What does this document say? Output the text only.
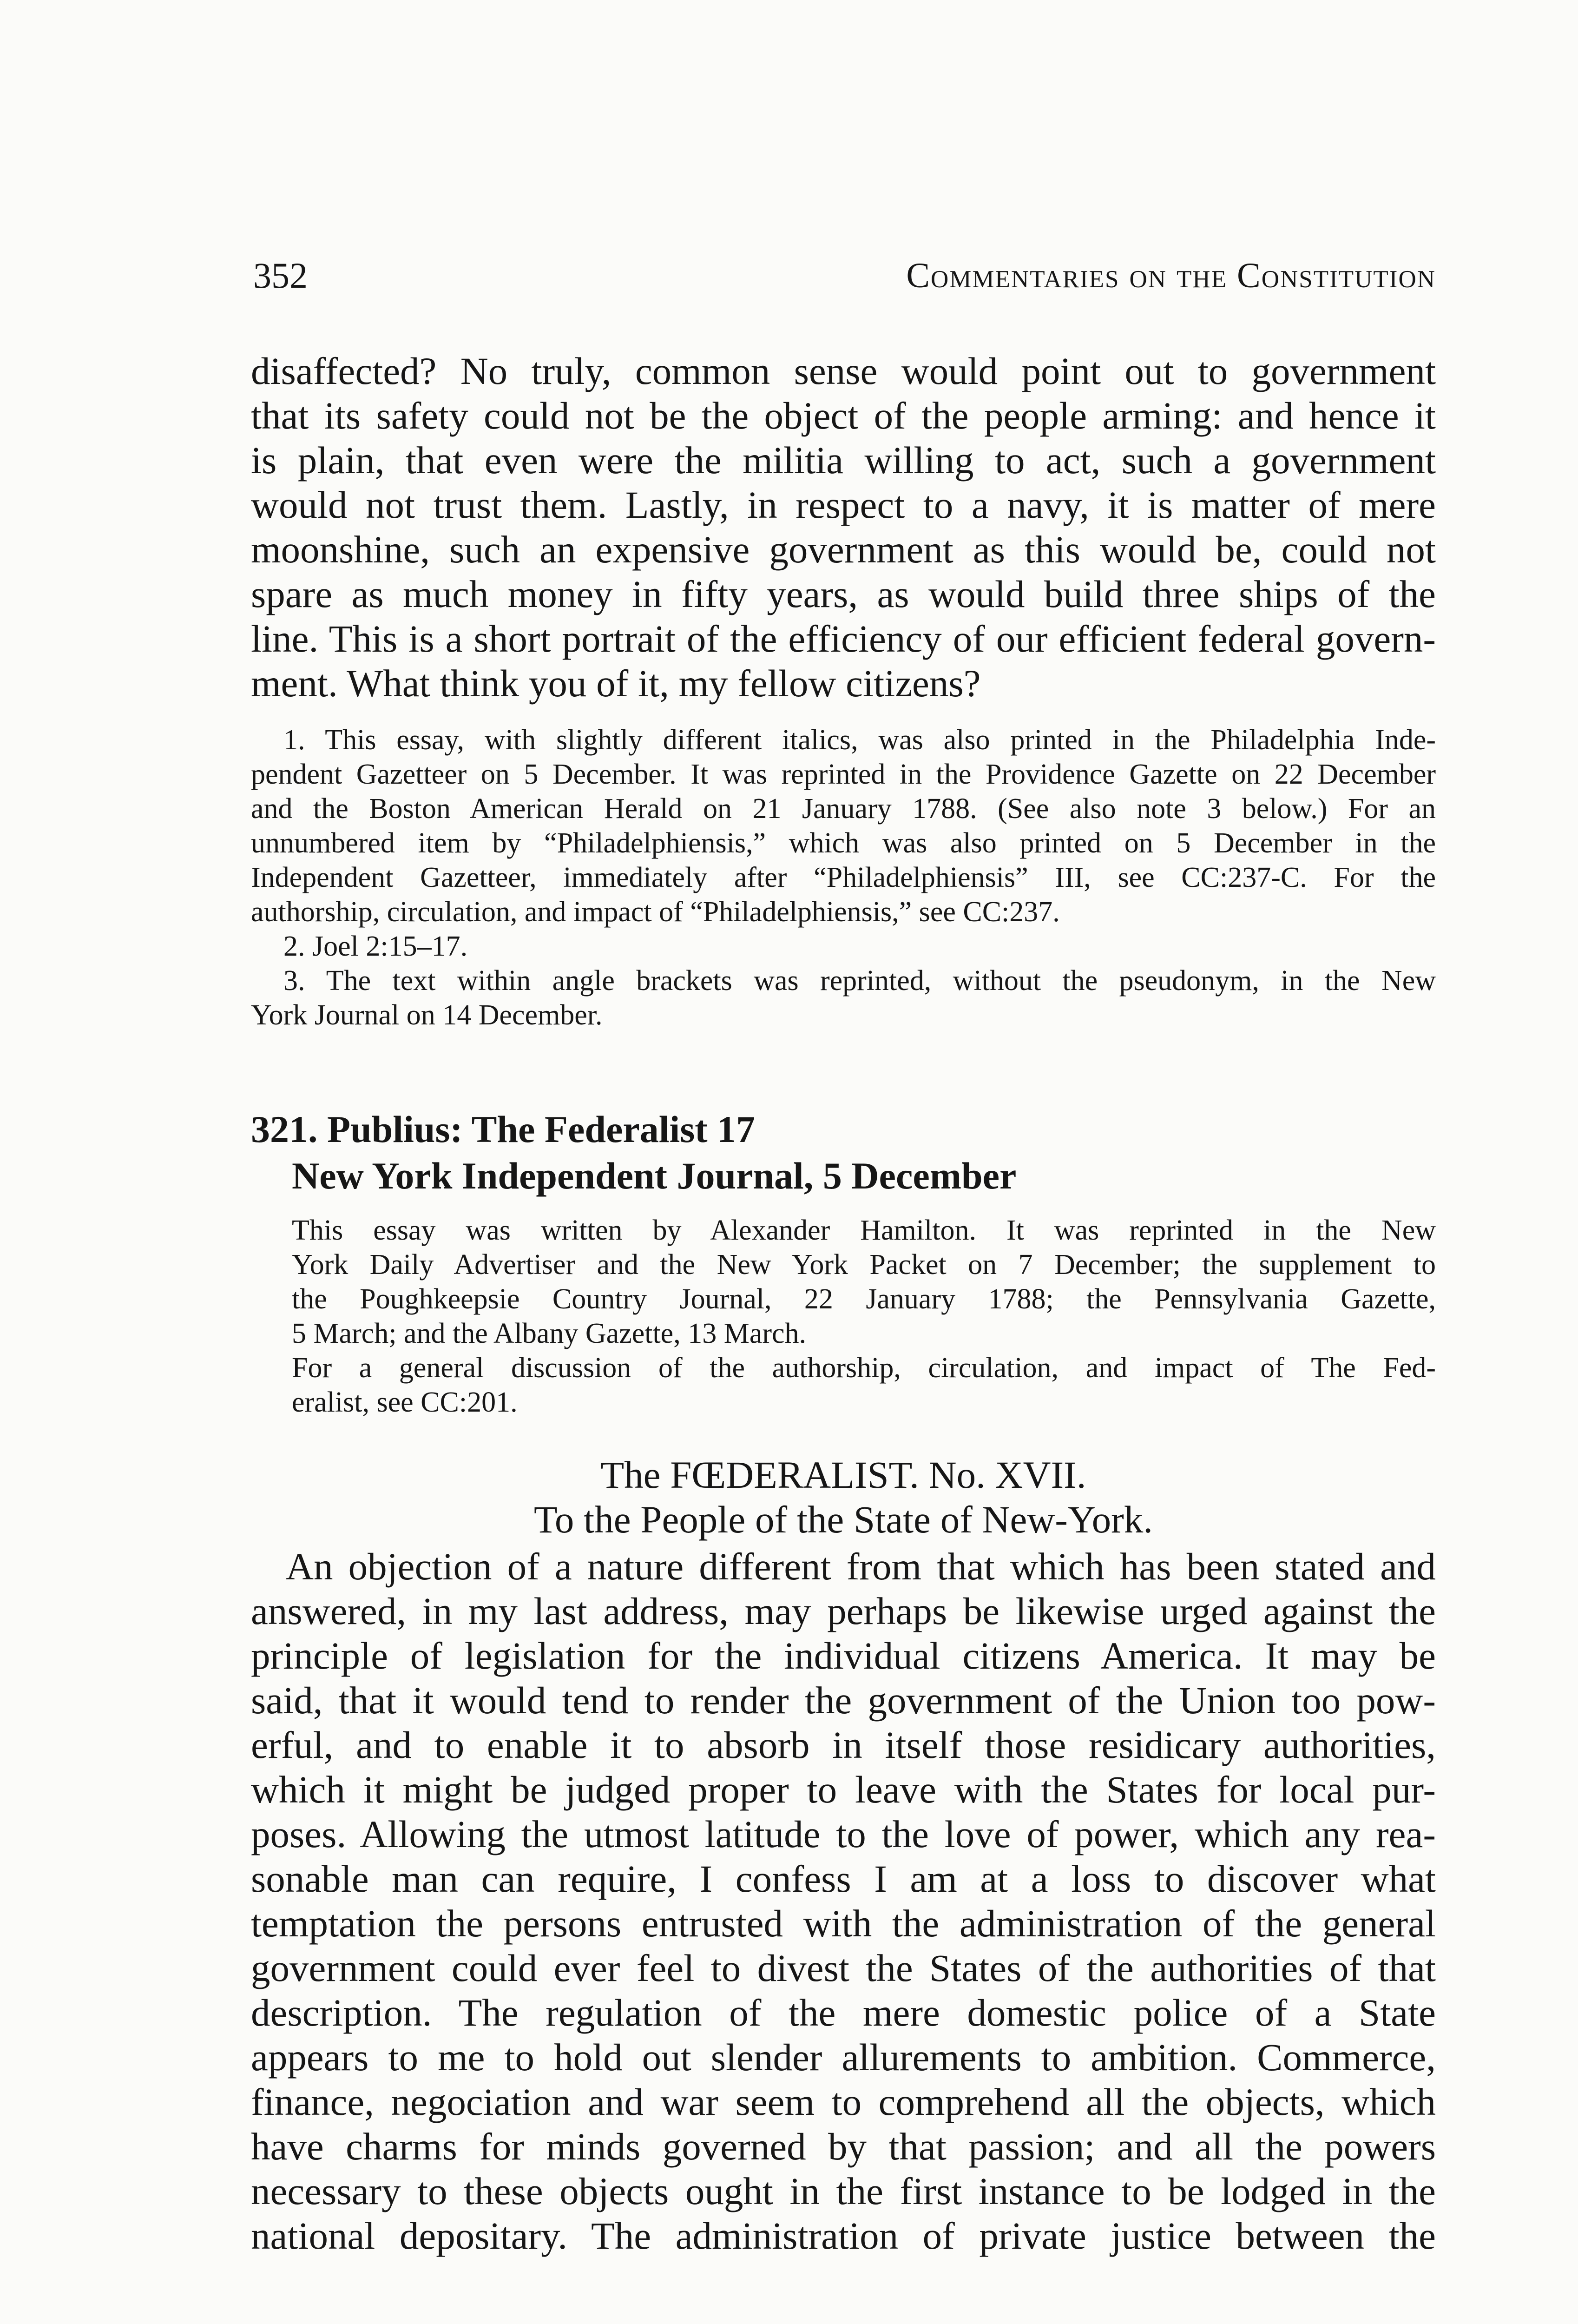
352	Commentaries on the Constitution

disaffected? No truly, common sense would point out to government
that its safety could not be the object of the people arming: and hence it
is plain, that even were the militia willing to act, such a government
would not trust them. Lastly, in respect to a navy, it is matter of mere
moonshine, such an expensive government as this would be, could not
spare as much money in fifty years, as would build three ships of the
line. This is a short portrait of the efficiency of our efficient federal govern-
ment. What think you of it, my fellow citizens?

1. This essay, with slightly different italics, was also printed in the Philadelphia Inde-
pendent Gazetteer on 5 December. It was reprinted in the Providence Gazette on 22 December
and the Boston American Herald on 21 January 1788. (See also note 3 below.) For an
unnumbered item by “Philadelphiensis,” which was also printed on 5 December in the
Independent Gazetteer, immediately after “Philadelphiensis” III, see CC:237-C. For the
authorship, circulation, and impact of “Philadelphiensis,” see CC:237.
2. Joel 2:15–17.
3. The text within angle brackets was reprinted, without the pseudonym, in the New
York Journal on 14 December.

321. Publius: The Federalist 17
New York Independent Journal, 5 December

This essay was written by Alexander Hamilton. It was reprinted in the New
York Daily Advertiser and the New York Packet on 7 December; the supplement to
the Poughkeepsie Country Journal, 22 January 1788; the Pennsylvania Gazette,
5 March; and the Albany Gazette, 13 March.
For a general discussion of the authorship, circulation, and impact of The Fed-
eralist, see CC:201.

The FŒDERALIST. No. XVII.
To the People of the State of New-York.

An objection of a nature different from that which has been stated and
answered, in my last address, may perhaps be likewise urged against the
principle of legislation for the individual citizens America. It may be
said, that it would tend to render the government of the Union too pow-
erful, and to enable it to absorb in itself those residicary authorities,
which it might be judged proper to leave with the States for local pur-
poses. Allowing the utmost latitude to the love of power, which any rea-
sonable man can require, I confess I am at a loss to discover what
temptation the persons entrusted with the administration of the general
government could ever feel to divest the States of the authorities of that
description. The regulation of the mere domestic police of a State
appears to me to hold out slender allurements to ambition. Commerce,
finance, negociation and war seem to comprehend all the objects, which
have charms for minds governed by that passion; and all the powers
necessary to these objects ought in the first instance to be lodged in the
national depositary. The administration of private justice between the
